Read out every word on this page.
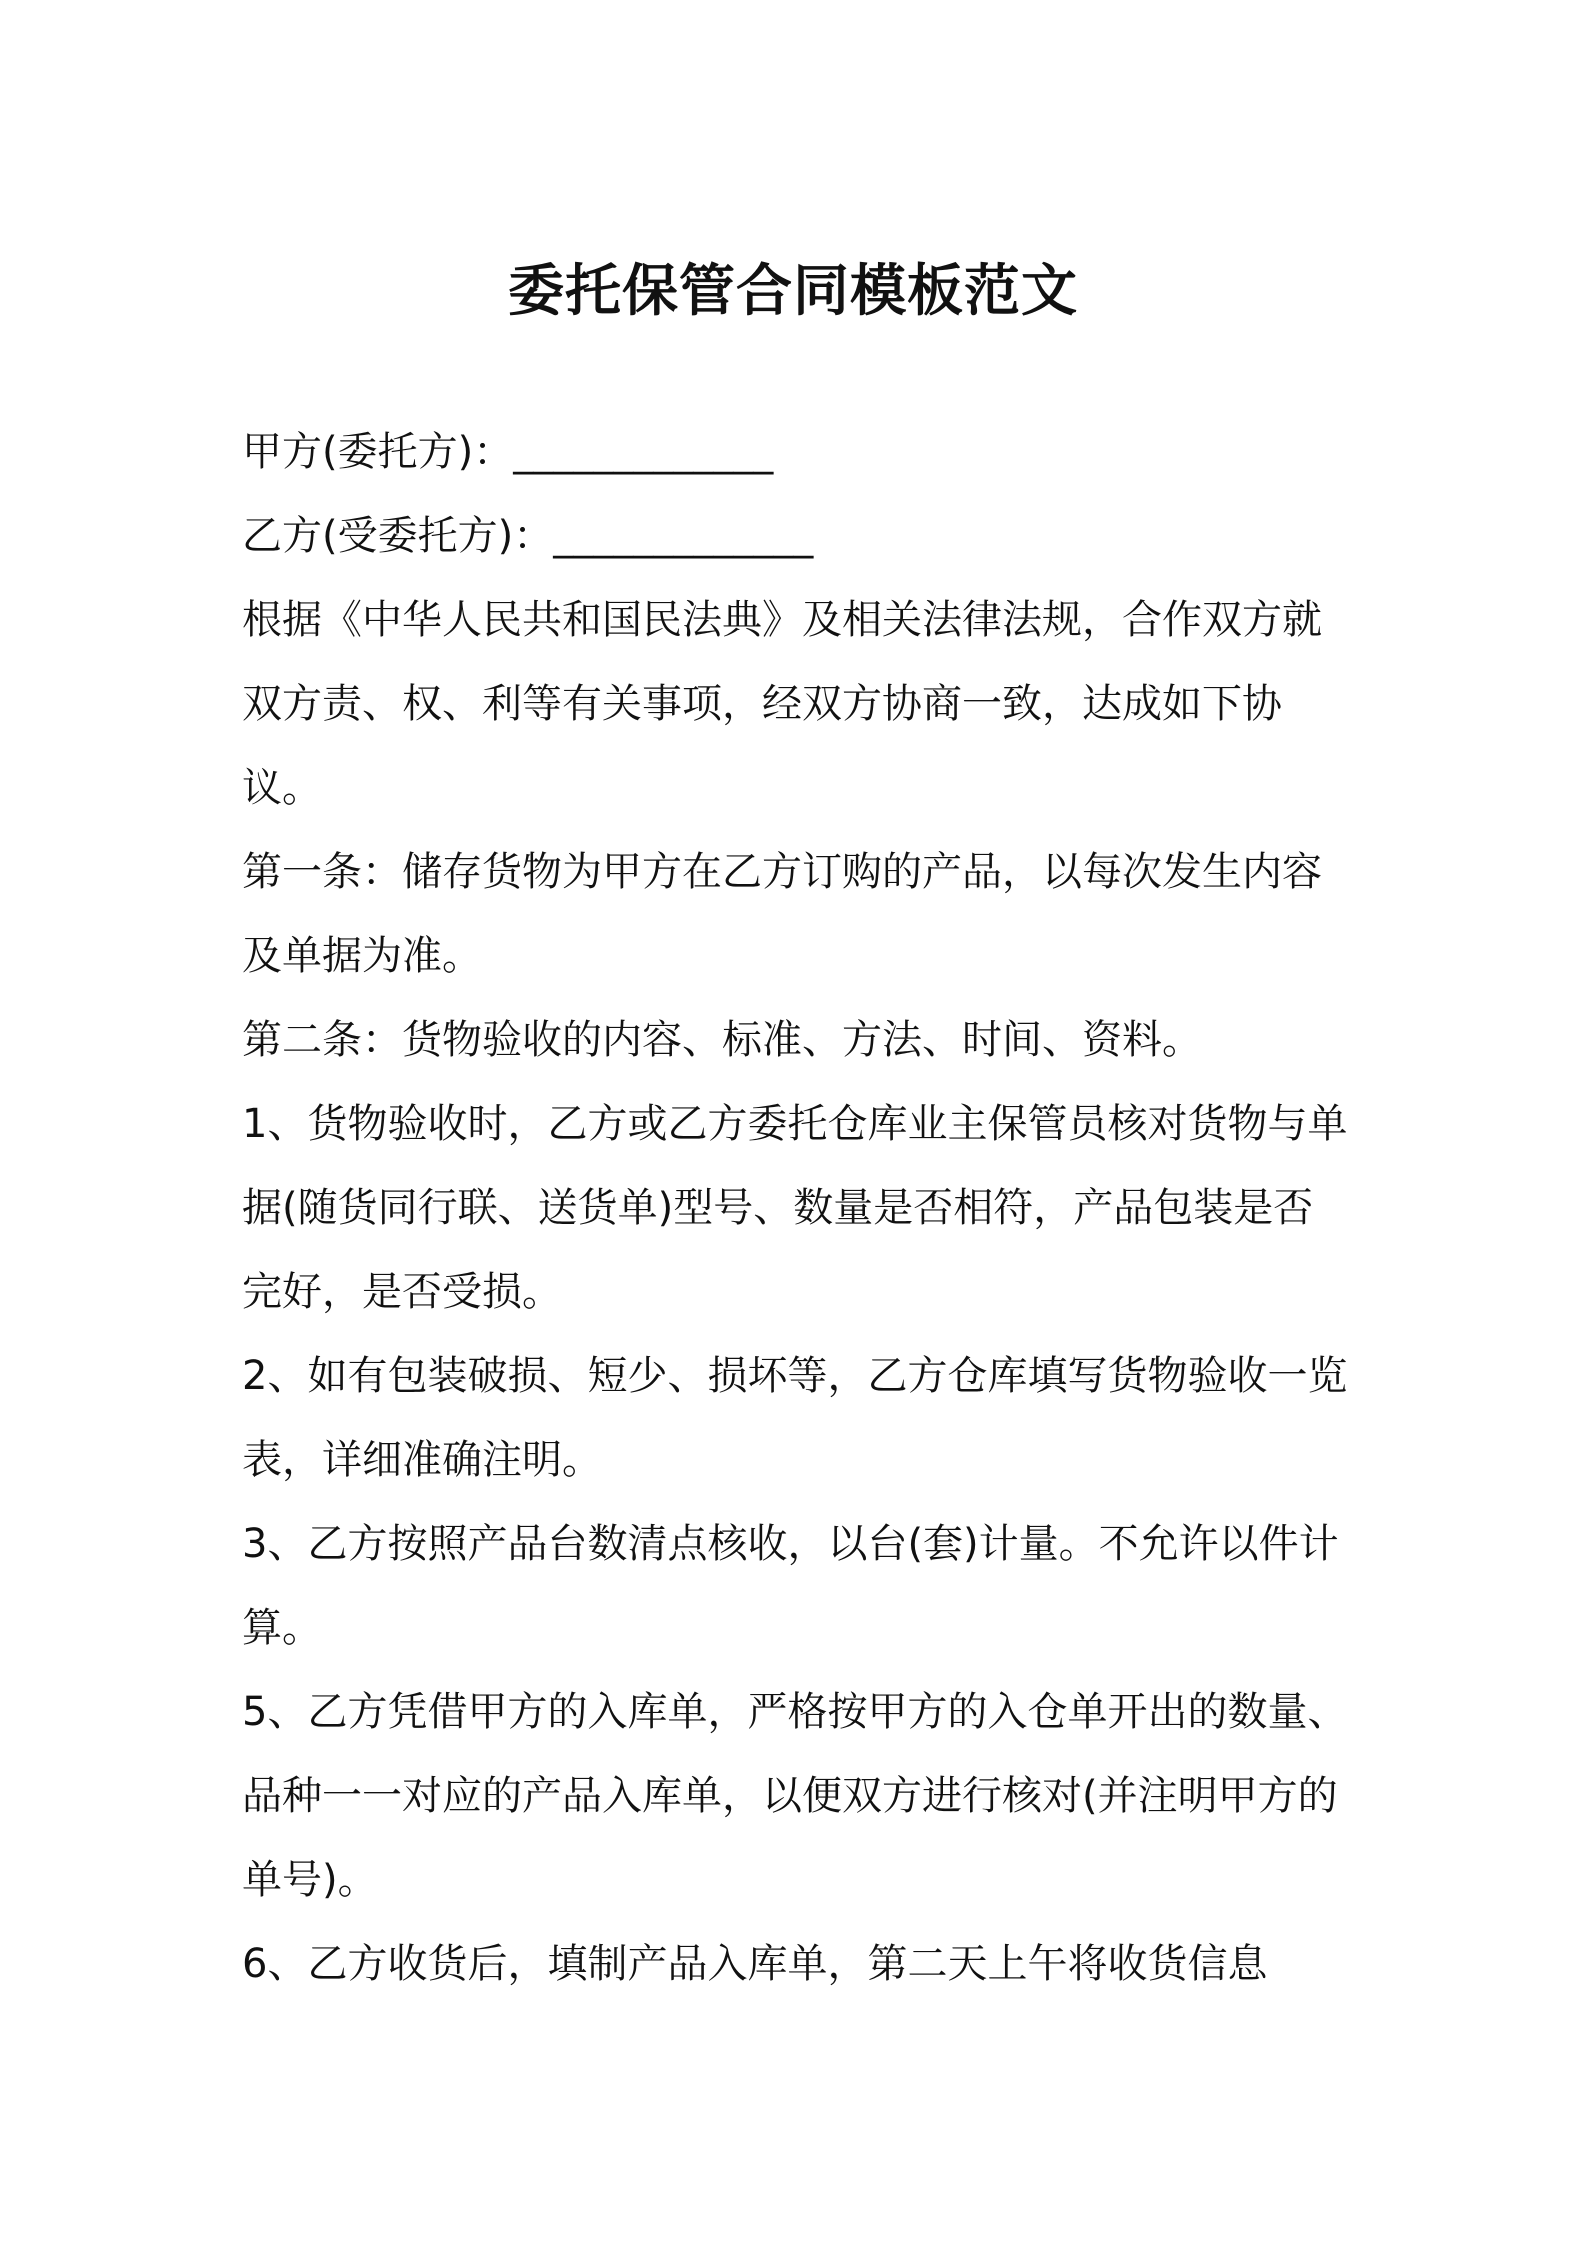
委托保管合同模板范文

甲方(委托方)：_____________

乙方(受委托方)：_____________

根据《中华人民共和国民法典》及相关法律法规，合作双方就双方责、权、利等有关事项，经双方协商一致，达成如下协议。

第一条：储存货物为甲方在乙方订购的产品，以每次发生内容及单据为准。

第二条：货物验收的内容、标准、方法、时间、资料。

1、货物验收时，乙方或乙方委托仓库业主保管员核对货物与单据(随货同行联、送货单)型号、数量是否相符，产品包装是否完好，是否受损。

2、如有包装破损、短少、损坏等，乙方仓库填写货物验收一览表，详细准确注明。

3、乙方按照产品台数清点核收，以台(套)计量。不允许以件计算。

5、乙方凭借甲方的入库单，严格按甲方的入仓单开出的数量、品种一一对应的产品入库单，以便双方进行核对(并注明甲方的单号)。

6、乙方收货后，填制产品入库单，第二天上午将收货信息
